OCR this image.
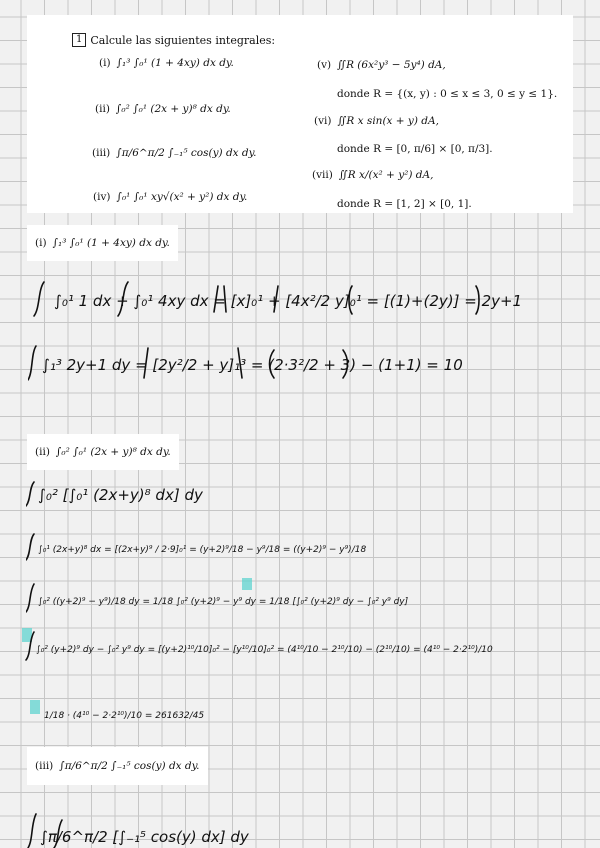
1 Calcule las siguientes integrales:
(i) ∫₁³ ∫₀¹ (1 + 4xy) dx dy.
(ii) ∫₀² ∫₀¹ (2x + y)⁸ dx dy.
(iii) ∫π/6^π/2 ∫₋₁⁵ cos(y) dx dy.
(iv) ∫₀¹ ∫₀¹ xy√(x² + y²) dx dy.
(v) ∬R (6x²y³ − 5y⁴) dA,
donde R = {(x, y) : 0 ≤ x ≤ 3, 0 ≤ y ≤ 1}.
(vi) ∬R x sin(x + y) dA,
donde R = [0, π/6] × [0, π/3].
(vii) ∬R x/(x² + y²) dA,
donde R = [1, 2] × [0, 1].
(i) ∫₁³ ∫₀¹ (1 + 4xy) dx dy.
∫₀¹ 1 dx + ∫₀¹ 4xy dx = [x]₀¹ + [4x²/2 y]₀¹ = [(1)+(2y)] = 2y+1
∫₁³ 2y+1 dy = [2y²/2 + y]₁³ = (2·3²/2 + 3) − (1+1) = 10
(ii) ∫₀² ∫₀¹ (2x + y)⁸ dx dy.
∫₀² [∫₀¹ (2x+y)⁸ dx] dy
∫₀¹ (2x+y)⁸ dx = [(2x+y)⁹ / 2·9]₀¹ = (y+2)⁹/18 − y⁹/18 = ((y+2)⁹ − y⁹)/18
∫₀² ((y+2)⁹ − y⁹)/18 dy = 1/18 ∫₀² (y+2)⁹ − y⁹ dy = 1/18 [∫₀² (y+2)⁹ dy − ∫₀² y⁹ dy]
∫₀² (y+2)⁹ dy − ∫₀² y⁹ dy = [(y+2)¹⁰/10]₀² − [y¹⁰/10]₀² = (4¹⁰/10 − 2¹⁰/10) − (2¹⁰/10) = (4¹⁰ − 2·2¹⁰)/10
1/18 · (4¹⁰ − 2·2¹⁰)/10 = 261632/45
(iii) ∫π/6^π/2 ∫₋₁⁵ cos(y) dx dy.
∫π/6^π/2 [∫₋₁⁵ cos(y) dx] dy
